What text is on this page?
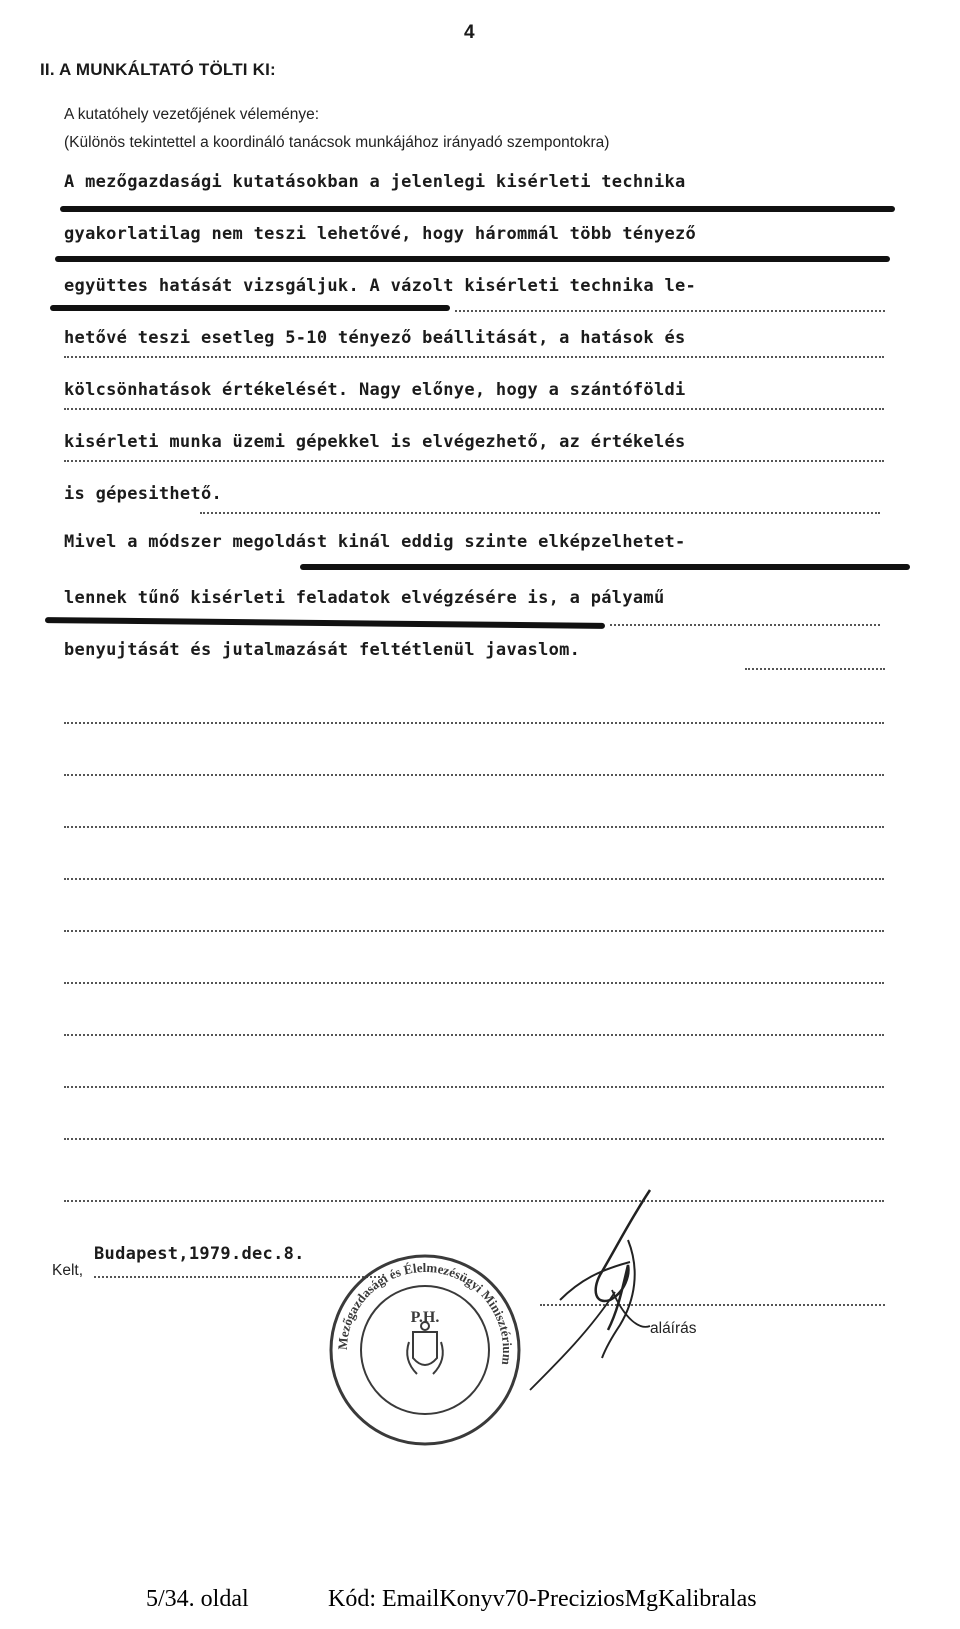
4
II. A MUNKÁLTATÓ TÖLTI KI:
A kutatóhely vezetőjének véleménye:
(Különös tekintettel a koordináló tanácsok munkájához irányadó szempontokra)
A mezőgazdasági kutatásokban a jelenlegi kisérleti technika
gyakorlatilag nem teszi lehetővé, hogy hárommál több tényező
együttes hatását vizsgáljuk. A vázolt kisérleti technika le-
hetővé teszi esetleg 5-10 tényező beállitását, a hatások és
kölcsönhatások értékelését. Nagy előnye, hogy a szántóföldi
kisérleti munka üzemi gépekkel is elvégezhető, az értékelés
is gépesithető.
Mivel a módszer megoldást kinál eddig szinte elképzelhetet-
lennek tűnő kisérleti feladatok elvégzésére is, a pályamű
benyujtását és jutalmazását feltétlenül javaslom.
Kelt,
Budapest,1979.dec.8.
aláírás
Mezőgazdasági és Élelmezésügyi Minisztérium
P.H.
5/34. oldal	Kód: EmailKonyv70-PreciziosMgKalibralas
